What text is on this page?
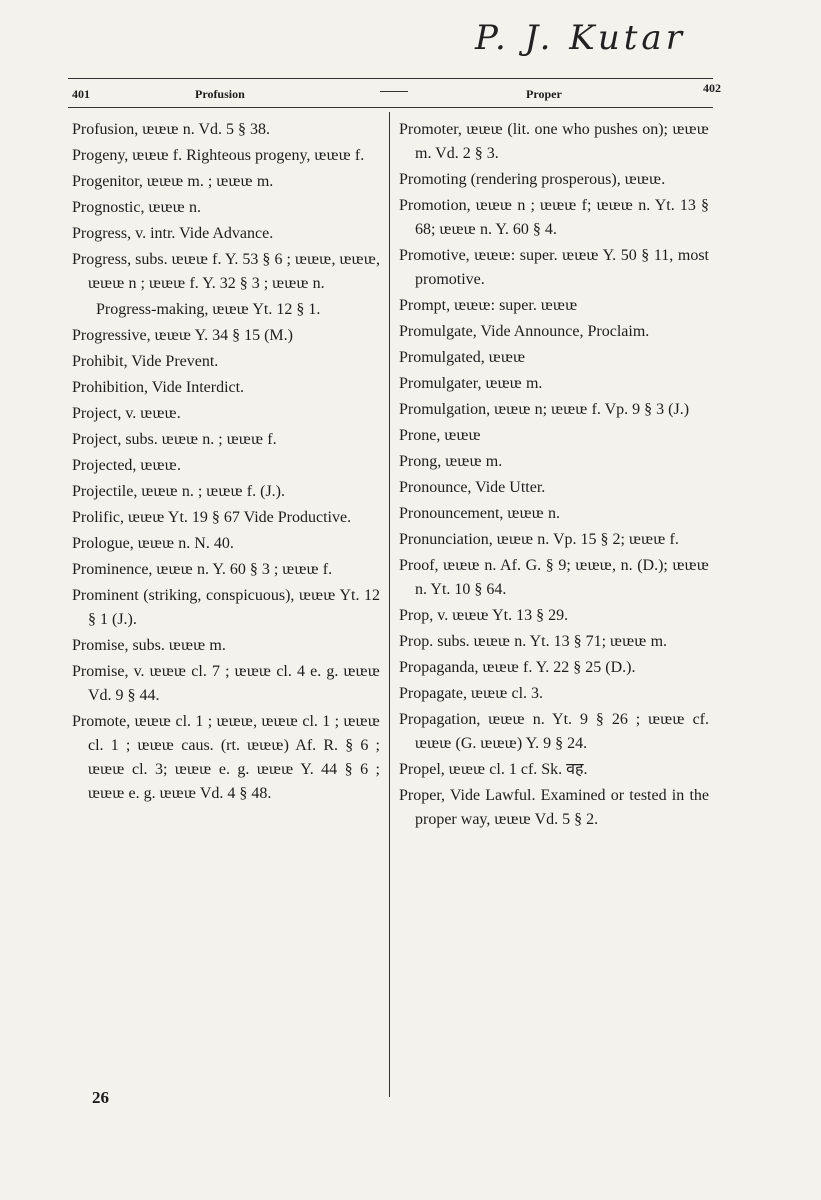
P. J. Kutar
401	Profusion	Proper	402
Profusion, ᵫᵫᵫ n. Vd. 5 § 38.
Progeny, ᵫᵫᵫ f. Righteous progeny, ᵫᵫᵫ f.
Progenitor, ᵫᵫᵫ m. ; ᵫᵫᵫ m.
Prognostic, ᵫᵫᵫ n.
Progress, v. intr. Vide Advance.
Progress, subs. ᵫᵫᵫ f. Y. 53 § 6 ; ᵫᵫᵫ, ᵫᵫᵫ, ᵫᵫᵫ n ; ᵫᵫᵫ f. Y. 32 § 3 ; ᵫᵫᵫ n.
Progress-making, ᵫᵫᵫ Yt. 12 § 1.
Progressive, ᵫᵫᵫ Y. 34 § 15 (M.)
Prohibit, Vide Prevent.
Prohibition, Vide Interdict.
Project, v. ᵫᵫᵫ.
Project, subs. ᵫᵫᵫ n. ; ᵫᵫᵫ f.
Projected, ᵫᵫᵫ.
Projectile, ᵫᵫᵫ n. ; ᵫᵫᵫ f. (J.).
Prolific, ᵫᵫᵫ Yt. 19 § 67 Vide Productive.
Prologue, ᵫᵫᵫ n. N. 40.
Prominence, ᵫᵫᵫ n. Y. 60 § 3 ; ᵫᵫᵫ f.
Prominent (striking, conspicuous), ᵫᵫᵫ Yt. 12 § 1 (J.).
Promise, subs. ᵫᵫᵫ m.
Promise, v. ᵫᵫᵫ cl. 7 ; ᵫᵫᵫ cl. 4 e. g. ᵫᵫᵫ Vd. 9 § 44.
Promote, ᵫᵫᵫ cl. 1 ; ᵫᵫᵫ, ᵫᵫᵫ cl. 1 ; ᵫᵫᵫ cl. 1 ; ᵫᵫᵫ caus. (rt. ᵫᵫᵫ) Af. R. § 6 ; ᵫᵫᵫ cl. 3; ᵫᵫᵫ e. g. ᵫᵫᵫ Y. 44 § 6 ; ᵫᵫᵫ e. g. ᵫᵫᵫ Vd. 4 § 48.
Promoter, ᵫᵫᵫ (lit. one who pushes on); ᵫᵫᵫ m. Vd. 2 § 3.
Promoting (rendering prosperous), ᵫᵫᵫ.
Promotion, ᵫᵫᵫ n ; ᵫᵫᵫ f; ᵫᵫᵫ n. Yt. 13 § 68; ᵫᵫᵫ n. Y. 60 § 4.
Promotive, ᵫᵫᵫ: super. ᵫᵫᵫ Y. 50 § 11, most promotive.
Prompt, ᵫᵫᵫ: super. ᵫᵫᵫ
Promulgate, Vide Announce, Proclaim.
Promulgated, ᵫᵫᵫ
Promulgater, ᵫᵫᵫ m.
Promulgation, ᵫᵫᵫ n; ᵫᵫᵫ f. Vp. 9 § 3 (J.)
Prone, ᵫᵫᵫ
Prong, ᵫᵫᵫ m.
Pronounce, Vide Utter.
Pronouncement, ᵫᵫᵫ n.
Pronunciation, ᵫᵫᵫ n. Vp. 15 § 2; ᵫᵫᵫ f.
Proof, ᵫᵫᵫ n. Af. G. § 9; ᵫᵫᵫ, n. (D.); ᵫᵫᵫ n. Yt. 10 § 64.
Prop, v. ᵫᵫᵫ Yt. 13 § 29.
Prop. subs. ᵫᵫᵫ n. Yt. 13 § 71; ᵫᵫᵫ m.
Propaganda, ᵫᵫᵫ f. Y. 22 § 25 (D.).
Propagate, ᵫᵫᵫ cl. 3.
Propagation, ᵫᵫᵫ n. Yt. 9 § 26 ; ᵫᵫᵫ cf. ᵫᵫᵫ (G. ᵫᵫᵫ) Y. 9 § 24.
Propel, ᵫᵫᵫ cl. 1 cf. Sk. वह.
Proper, Vide Lawful. Examined or tested in the proper way, ᵫᵫᵫ Vd. 5 § 2.
26
